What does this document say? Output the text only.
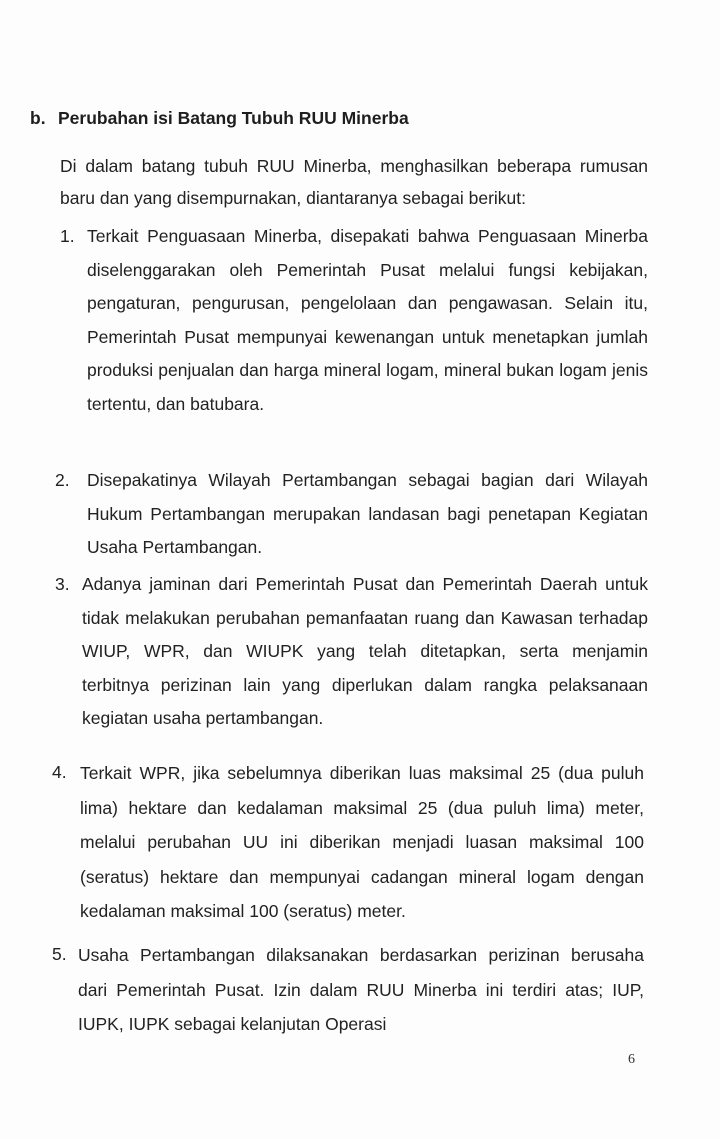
b. Perubahan isi Batang Tubuh RUU Minerba
Di dalam batang tubuh RUU Minerba, menghasilkan beberapa rumusan baru dan yang disempurnakan, diantaranya sebagai berikut:
1. Terkait Penguasaan Minerba, disepakati bahwa Penguasaan Minerba diselenggarakan oleh Pemerintah Pusat melalui fungsi kebijakan, pengaturan, pengurusan, pengelolaan dan pengawasan. Selain itu, Pemerintah Pusat mempunyai kewenangan untuk menetapkan jumlah produksi penjualan dan harga mineral logam, mineral bukan logam jenis tertentu, dan batubara.
2. Disepakatinya Wilayah Pertambangan sebagai bagian dari Wilayah Hukum Pertambangan merupakan landasan bagi penetapan Kegiatan Usaha Pertambangan.
3. Adanya jaminan dari Pemerintah Pusat dan Pemerintah Daerah untuk tidak melakukan perubahan pemanfaatan ruang dan Kawasan terhadap WIUP, WPR, dan WIUPK yang telah ditetapkan, serta menjamin terbitnya perizinan lain yang diperlukan dalam rangka pelaksanaan kegiatan usaha pertambangan.
4. Terkait WPR, jika sebelumnya diberikan luas maksimal 25 (dua puluh lima) hektare dan kedalaman maksimal 25 (dua puluh lima) meter, melalui perubahan UU ini diberikan menjadi luasan maksimal 100 (seratus) hektare dan mempunyai cadangan mineral logam dengan kedalaman maksimal 100 (seratus) meter.
5. Usaha Pertambangan dilaksanakan berdasarkan perizinan berusaha dari Pemerintah Pusat. Izin dalam RUU Minerba ini terdiri atas; IUP, IUPK, IUPK sebagai kelanjutan Operasi
6
